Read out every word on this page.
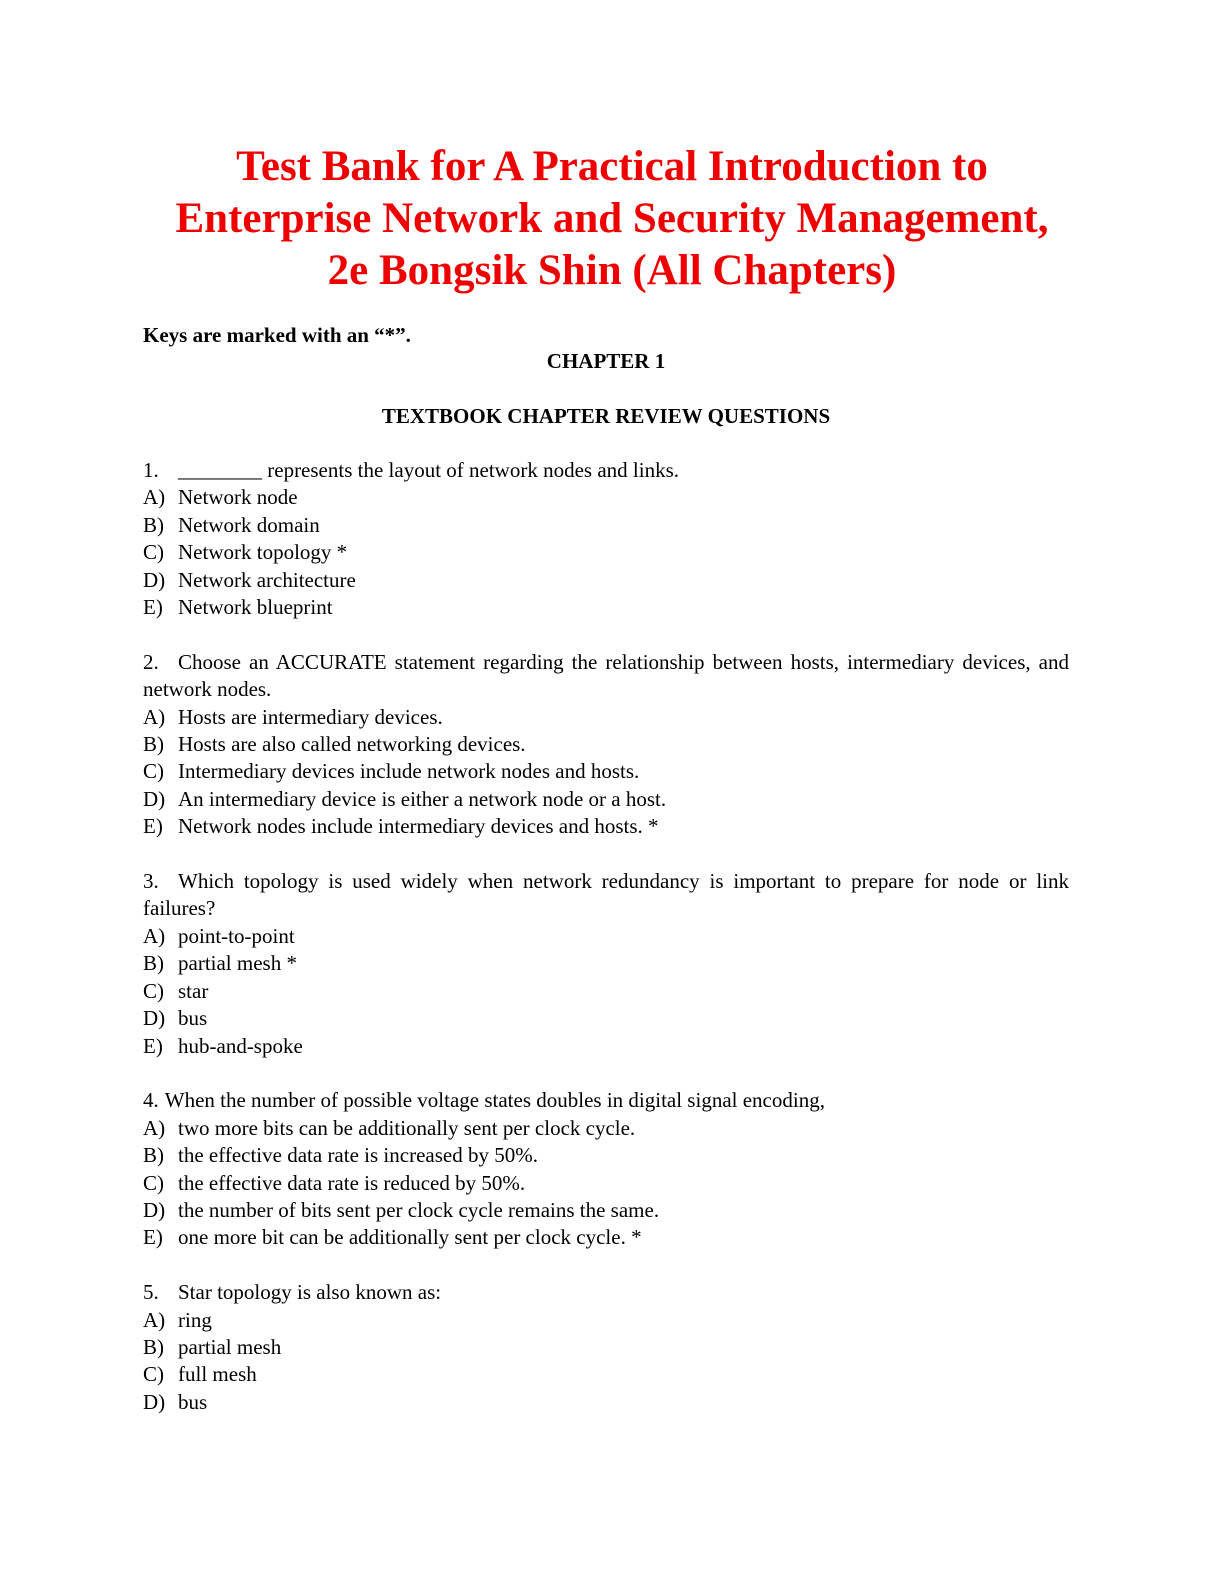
Test Bank for A Practical Introduction to
Enterprise Network and Security Management,
2e Bongsik Shin (All Chapters)
Keys are marked with an “*”.
CHAPTER 1
TEXTBOOK CHAPTER REVIEW QUESTIONS
1. ________ represents the layout of network nodes and links.
A) Network node
B) Network domain
C) Network topology *
D) Network architecture
E) Network blueprint
2. Choose an ACCURATE statement regarding the relationship between hosts, intermediary devices, and network nodes.
A) Hosts are intermediary devices.
B) Hosts are also called networking devices.
C) Intermediary devices include network nodes and hosts.
D) An intermediary device is either a network node or a host.
E) Network nodes include intermediary devices and hosts. *
3. Which topology is used widely when network redundancy is important to prepare for node or link failures?
A) point-to-point
B) partial mesh *
C) star
D) bus
E) hub-and-spoke
4. When the number of possible voltage states doubles in digital signal encoding,
A) two more bits can be additionally sent per clock cycle.
B) the effective data rate is increased by 50%.
C) the effective data rate is reduced by 50%.
D) the number of bits sent per clock cycle remains the same.
E) one more bit can be additionally sent per clock cycle. *
5. Star topology is also known as:
A) ring
B) partial mesh
C) full mesh
D) bus
